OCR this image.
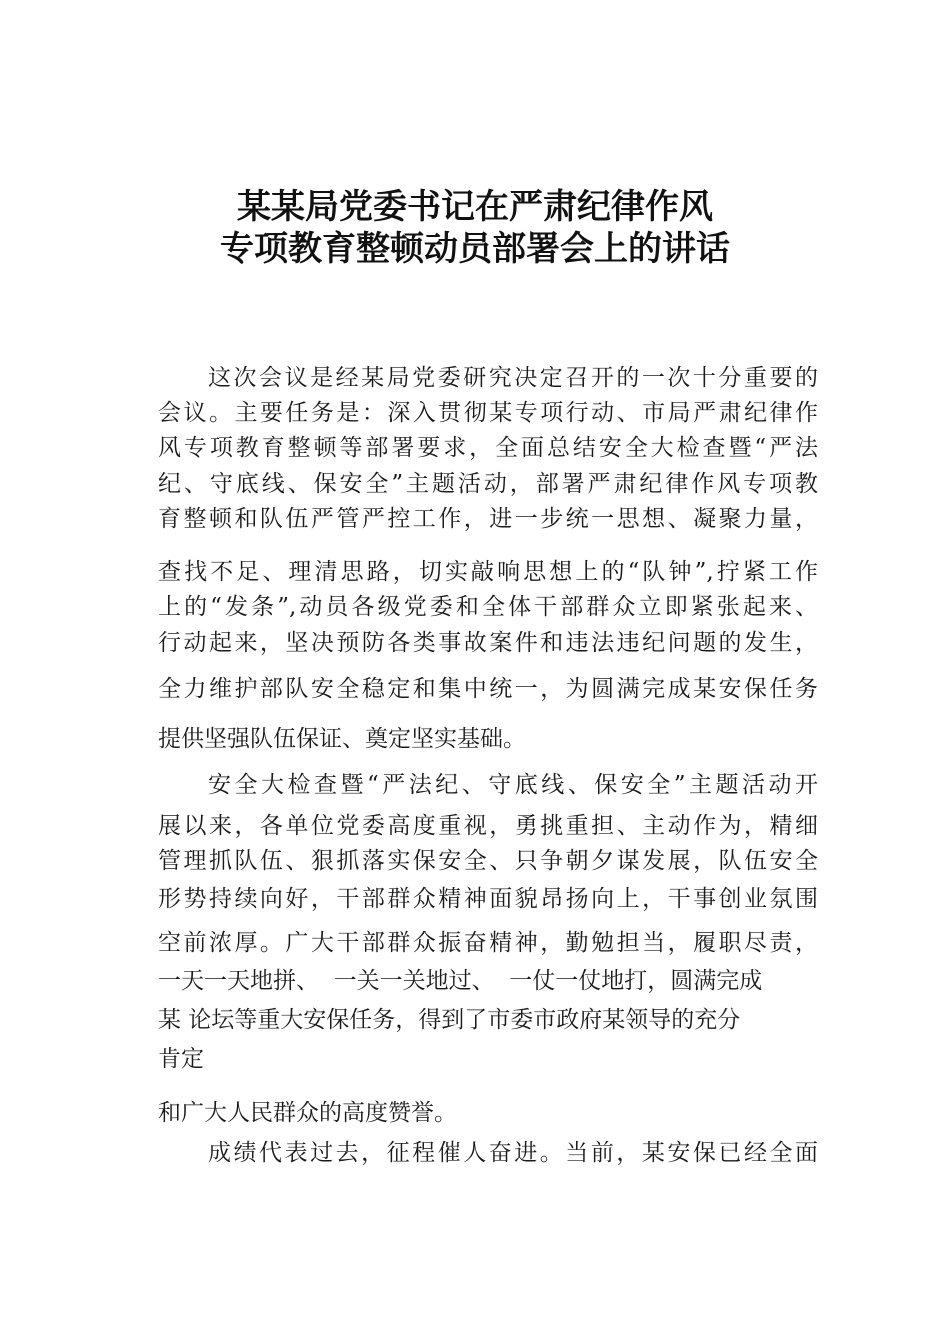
某某局党委书记在严肃纪律作风
专项教育整顿动员部署会上的讲话
这次会议是经某局党委研究决定召开的一次十分重要的
会议。主要任务是：深入贯彻某专项行动、市局严肃纪律作
风专项教育整顿等部署要求，全面总结安全大检查暨“严法
纪、守底线、保安全”主题活动，部署严肃纪律作风专项教
育整顿和队伍严管严控工作，进一步统一思想、凝聚力量，
查找不足、理清思路，切实敲响思想上的“队钟”,拧紧工作
上的“发条”,动员各级党委和全体干部群众立即紧张起来、
行动起来，坚决预防各类事故案件和违法违纪问题的发生，
全力维护部队安全稳定和集中统一，为圆满完成某安保任务
提供坚强队伍保证、奠定坚实基础。
安全大检查暨“严法纪、守底线、保安全”主题活动开
展以来，各单位党委高度重视，勇挑重担、主动作为，精细
管理抓队伍、狠抓落实保安全、只争朝夕谋发展，队伍安全
形势持续向好，干部群众精神面貌昂扬向上，干事创业氛围
空前浓厚。广大干部群众振奋精神，勤勉担当，履职尽责，
一天一天地拼、  一关一关地过、  一仗一仗地打，圆满完成
某 论坛等重大安保任务，得到了市委市政府某领导的充分
肯定
和广大人民群众的高度赞誉。
成绩代表过去，征程催人奋进。当前，某安保已经全面
